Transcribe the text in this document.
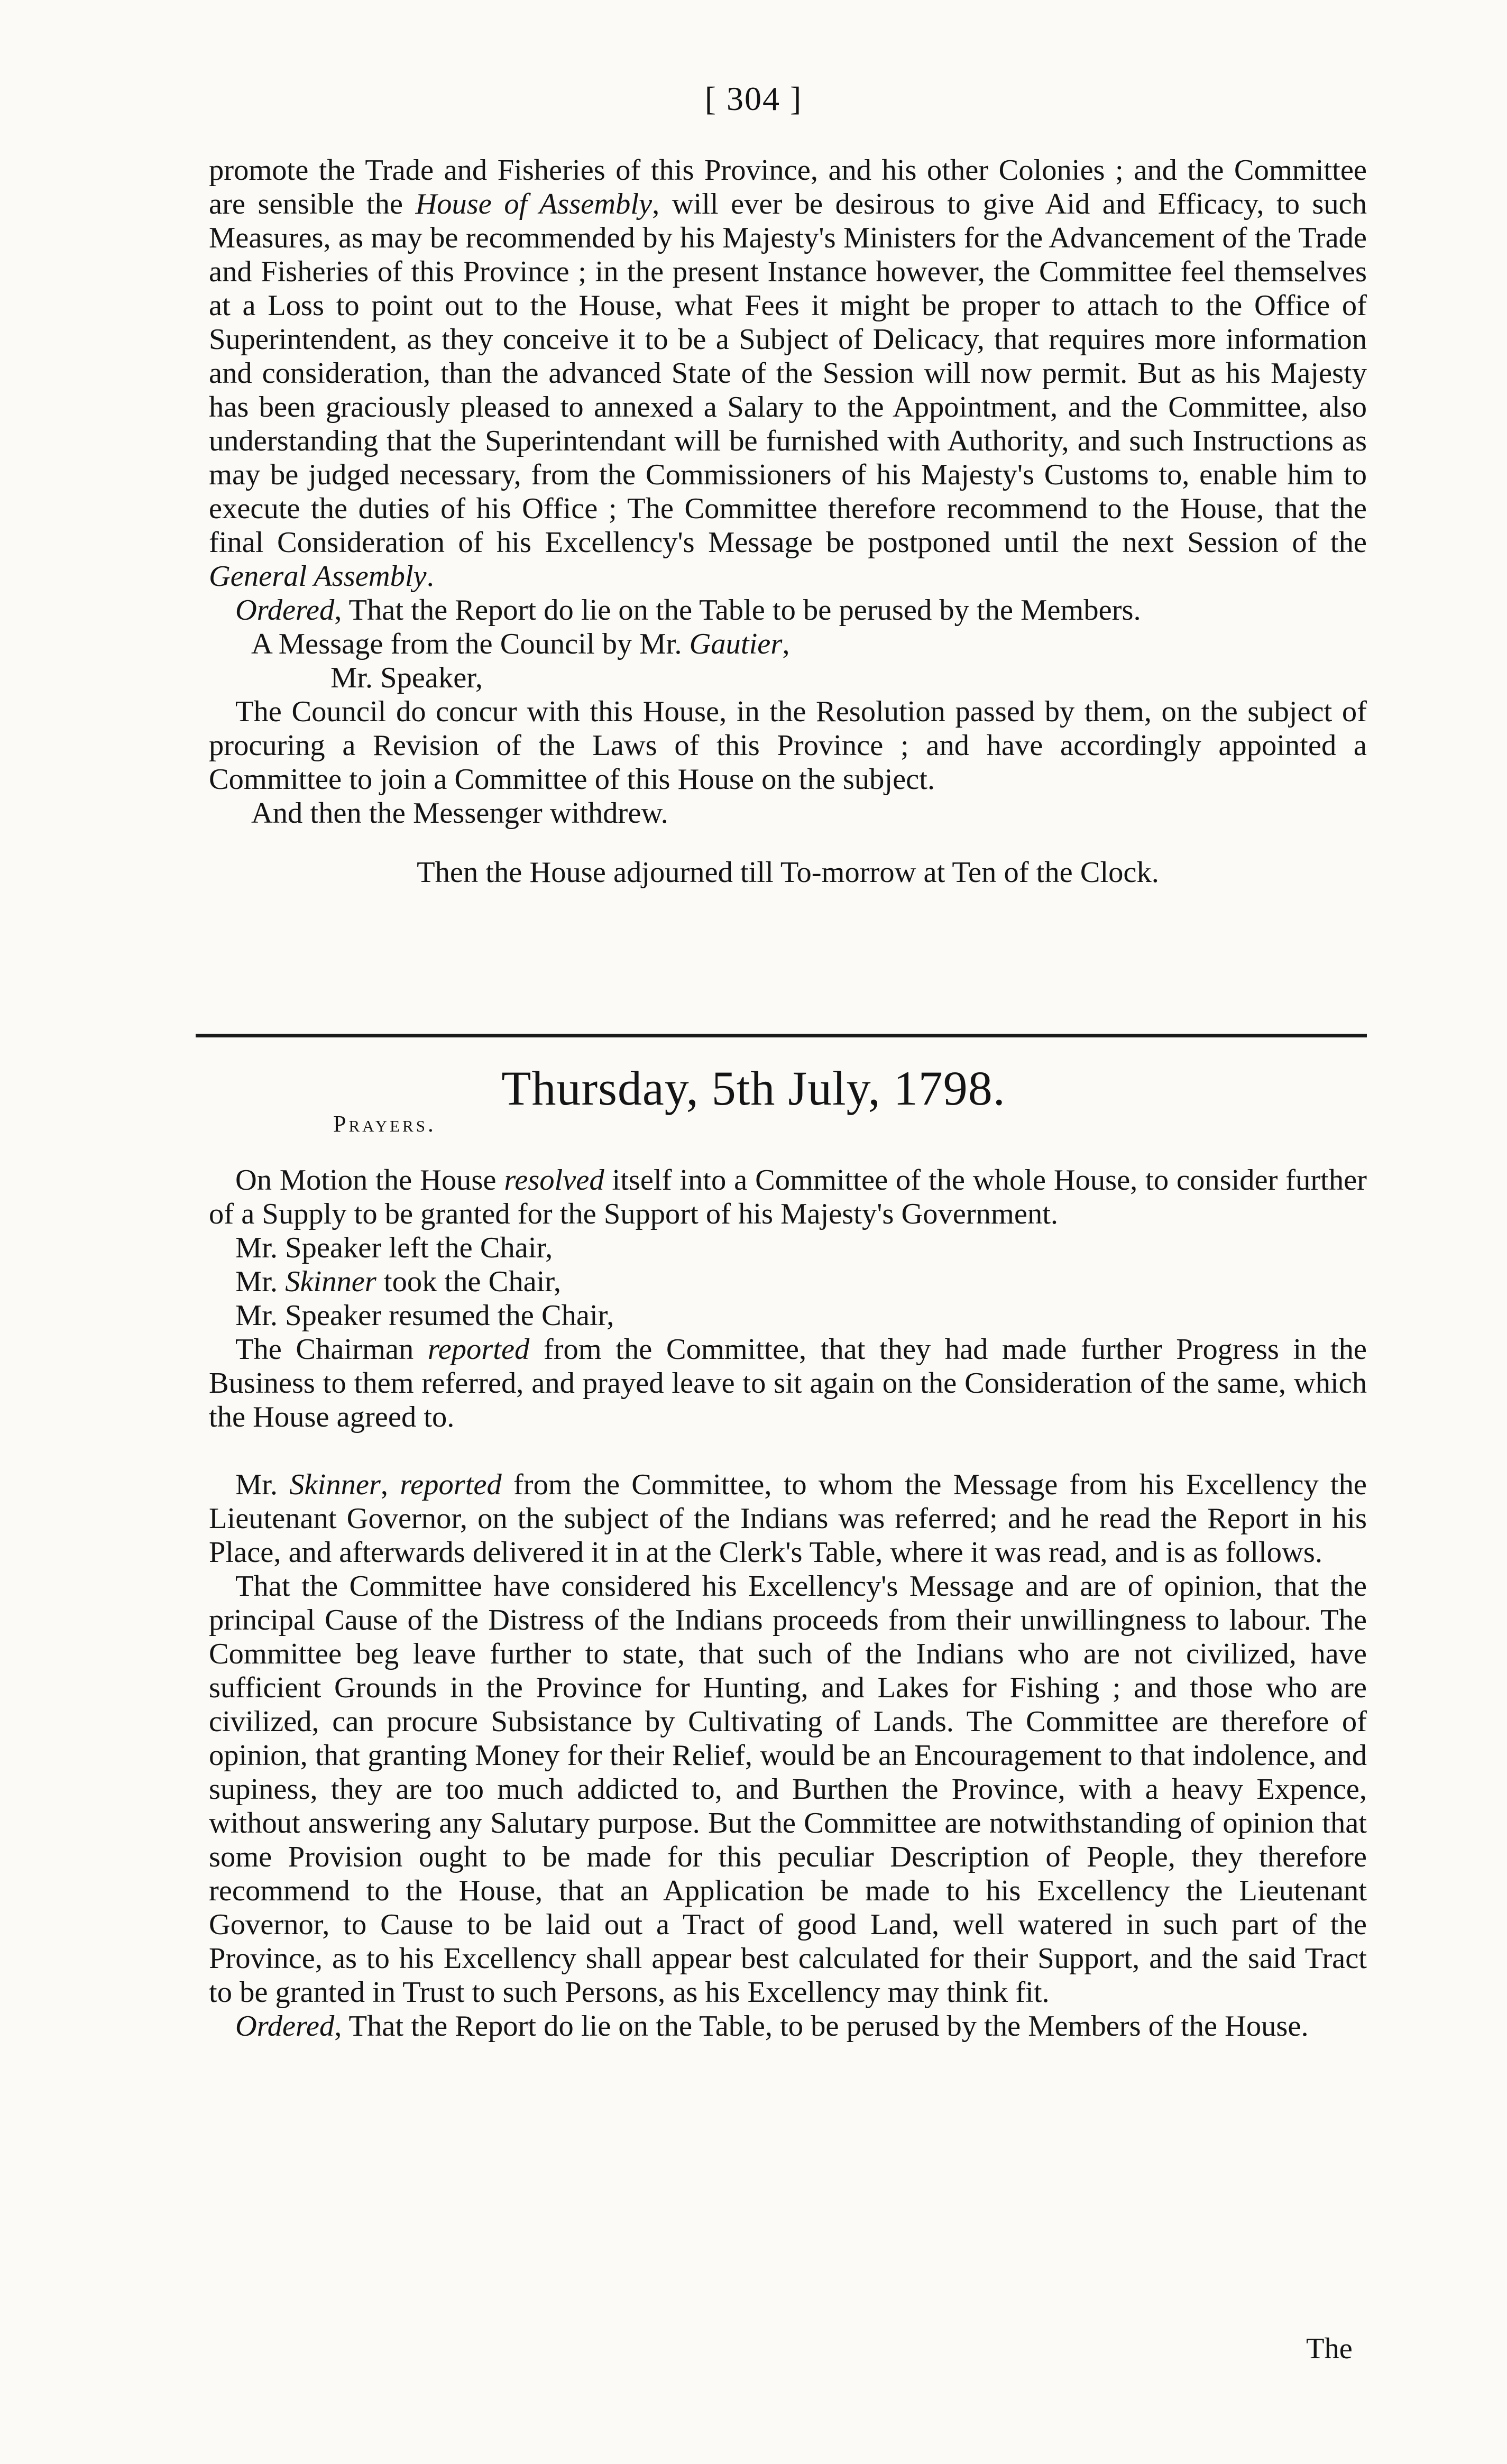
[ 304 ]

promote the Trade and Fisheries of this Province, and his other Colonies ; and the Committee are sensible the House of Assembly, will ever be desirous to give Aid and Efficacy, to such Measures, as may be recommended by his Majesty's Ministers for the Advancement of the Trade and Fisheries of this Province ; in the present Instance however, the Committee feel themselves at a Loss to point out to the House, what Fees it might be proper to attach to the Office of Superintendent, as they conceive it to be a Subject of Delicacy, that requires more information and consideration, than the advanced State of the Session will now permit. But as his Majesty has been graciously pleased to annexed a Salary to the Appointment, and the Committee, also understanding that the Superintendant will be furnished with Authority, and such Instructions as may be judged necessary, from the Commissioners of his Majesty's Customs to, enable him to execute the duties of his Office ; The Committee therefore recommend to the House, that the final Consideration of his Excellency's Message be postponed until the next Session of the General Assembly.

Ordered, That the Report do lie on the Table to be perused by the Members.

A Message from the Council by Mr. Gautier,

Mr. Speaker,

The Council do concur with this House, in the Resolution passed by them, on the subject of procuring a Revision of the Laws of this Province ; and have accordingly appointed a Committee to join a Committee of this House on the subject.

And then the Messenger withdrew.

Then the House adjourned till To-morrow at Ten of the Clock.

Thursday, 5th July, 1798.
Prayers.

On Motion the House resolved itself into a Committee of the whole House, to consider further of a Supply to be granted for the Support of his Majesty's Government.

Mr. Speaker left the Chair,

Mr. Skinner took the Chair,

Mr. Speaker resumed the Chair,

The Chairman reported from the Committee, that they had made further Progress in the Business to them referred, and prayed leave to sit again on the Consideration of the same, which the House agreed to.

Mr. Skinner, reported from the Committee, to whom the Message from his Excellency the Lieutenant Governor, on the subject of the Indians was referred; and he read the Report in his Place, and afterwards delivered it in at the Clerk's Table, where it was read, and is as follows.

That the Committee have considered his Excellency's Message and are of opinion, that the principal Cause of the Distress of the Indians proceeds from their unwillingness to labour. The Committee beg leave further to state, that such of the Indians who are not civilized, have sufficient Grounds in the Province for Hunting, and Lakes for Fishing ; and those who are civilized, can procure Subsistance by Cultivating of Lands. The Committee are therefore of opinion, that granting Money for their Relief, would be an Encouragement to that indolence, and supiness, they are too much addicted to, and Burthen the Province, with a heavy Expence, without answering any Salutary purpose. But the Committee are notwithstanding of opinion that some Provision ought to be made for this peculiar Description of People, they therefore recommend to the House, that an Application be made to his Excellency the Lieutenant Governor, to Cause to be laid out a Tract of good Land, well watered in such part of the Province, as to his Excellency shall appear best calculated for their Support, and the said Tract to be granted in Trust to such Persons, as his Excellency may think fit.

Ordered, That the Report do lie on the Table, to be perused by the Members of the House.

The
